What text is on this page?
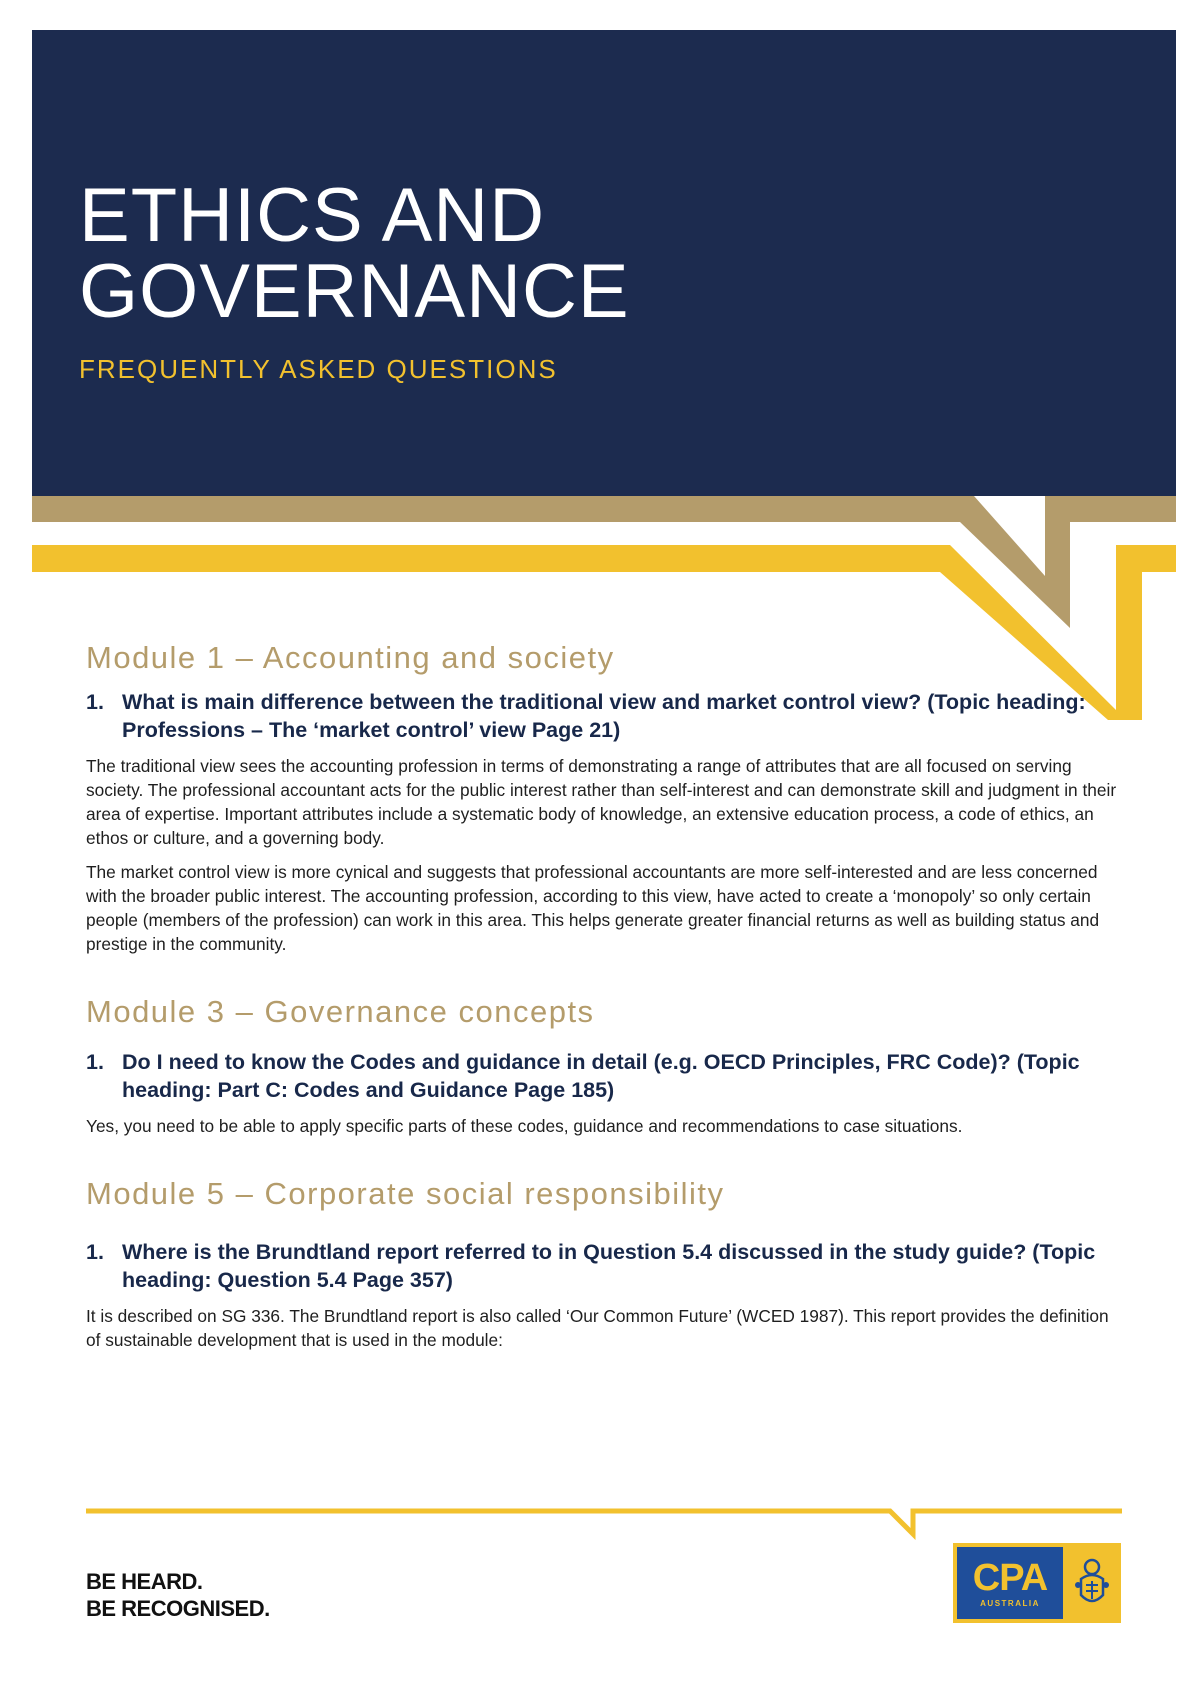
ETHICS AND
GOVERNANCE

FREQUENTLY ASKED QUESTIONS

Module 1 – Accounting and society
1. What is main difference between the traditional view and market control view? (Topic heading: Professions – The ‘market control’ view Page 21)

The traditional view sees the accounting profession in terms of demonstrating a range of attributes that are all focused on serving society. The professional accountant acts for the public interest rather than self-interest and can demonstrate skill and judgment in their area of expertise. Important attributes include a systematic body of knowledge, an extensive education process, a code of ethics, an ethos or culture, and a governing body.

The market control view is more cynical and suggests that professional accountants are more self-interested and are less concerned with the broader public interest. The accounting profession, according to this view, have acted to create a ‘monopoly’ so only certain people (members of the profession) can work in this area. This helps generate greater financial returns as well as building status and prestige in the community.

Module 3 – Governance concepts
1. Do I need to know the Codes and guidance in detail (e.g. OECD Principles, FRC Code)? (Topic heading: Part C: Codes and Guidance Page 185)

Yes, you need to be able to apply specific parts of these codes, guidance and recommendations to case situations.

Module 5 – Corporate social responsibility
1. Where is the Brundtland report referred to in Question 5.4 discussed in the study guide? (Topic heading: Question 5.4 Page 357)

It is described on SG 336. The Brundtland report is also called ‘Our Common Future’ (WCED 1987). This report provides the definition of sustainable development that is used in the module:

BE HEARD.
BE RECOGNISED.

CPA
AUSTRALIA
